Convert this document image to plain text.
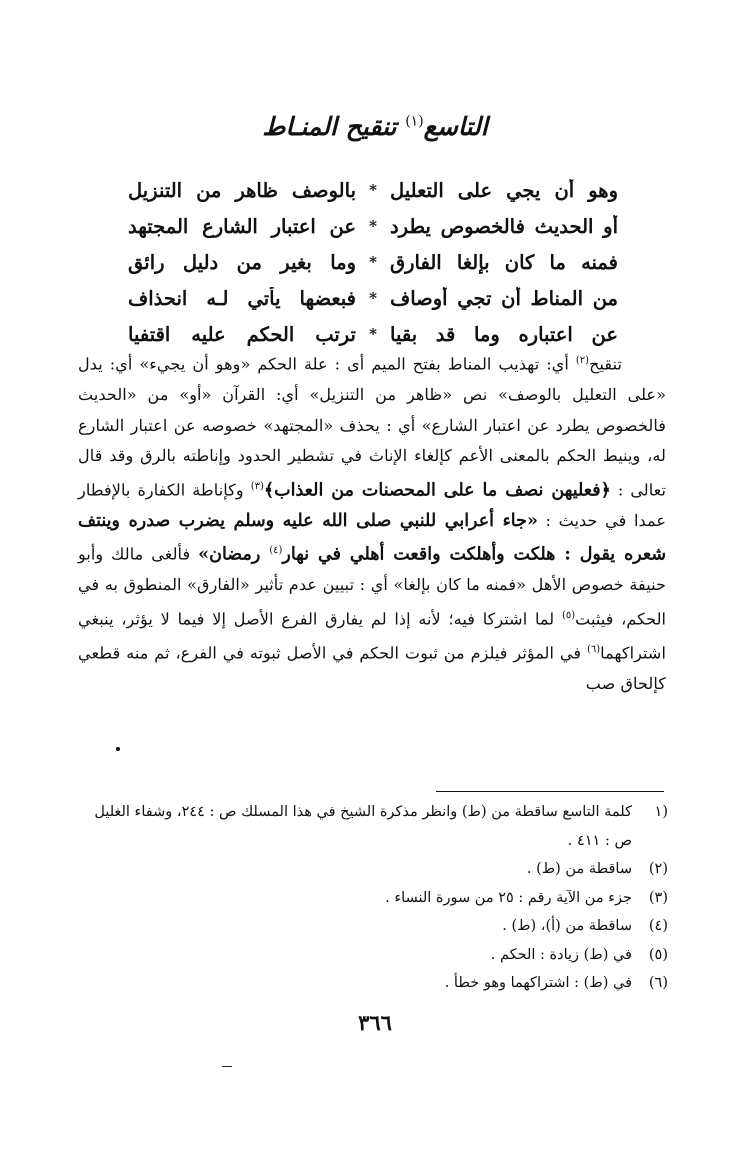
التاسع$^{(١)}$ تنقيح المنـاط
وهو أن يجي على التعليل
*
بالوصف ظاهر من التنزيل
أو الحديث فالخصوص يطرد
*
عن اعتبار الشارع المجتهد
فمنه ما كان بإلغا الفارق
*
وما بغير من دليل رائق
من المناط أن تجي أوصاف
*
فبعضها يأتي لـه انحذاف
عن اعتباره وما قد بقيا
*
ترتب الحكم عليه اقتفيا

تنقيح$^{(٢)}$ أي: تهذيب المناط بفتح الميم أى : علة الحكم «وهو أن يجيء» أي: يدل «على التعليل بالوصف» نص «ظاهر من التنزيل» أي: القرآن «أو» من «الحديث فالخصوص يطرد عن اعتبار الشارع» أي : يحذف «المجتهد» خصوصه عن اعتبار الشارع له، وينيط الحكم بالمعنى الأعم كإلغاء الإناث في تشطير الحدود وإناطته بالرق وقد قال تعالى : ﴿فعليهن نصف ما على المحصنات من العذاب﴾$^{(٣)}$ وكإناطة الكفارة بالإفطار عمدا في حديث : «جاء أعرابي للنبي صلى الله عليه وسلم يضرب صدره وينتف شعره يقول : هلكت وأهلكت واقعت أهلي في نهار$^{(٤)}$ رمضان» فألغى مالك وأبو حنيفة خصوص الأهل «فمنه ما كان بإلغا» أي : تبيين عدم تأثير «الفارق» المنطوق به في الحكم، فيثبت$^{(٥)}$ لما اشتركا فيه؛ لأنه إذا لم يفارق الفرع الأصل إلا فيما لا يؤثر، ينبغي اشتراكهما$^{(٦)}$ في المؤثر فيلزم من ثبوت الحكم في الأصل ثبوته في الفرع، ثم منه قطعي كإلحاق صب

(١
كلمة التاسع ساقطة من (ط) وانظر مذكرة الشيخ في هذا المسلك ص : ٢٤٤، وشفاء الغليل ص : ٤١١ .
(٢)
ساقطة من (ط) .
(٣)
جزء من الآية رقم : ٢٥ من سورة النساء .
(٤)
ساقطة من (أ)، (ط) .
(٥)
في (ط) زيادة : الحكم .
(٦)
في (ط) : اشتراكهما وهو خطأ .
٣٦٦
